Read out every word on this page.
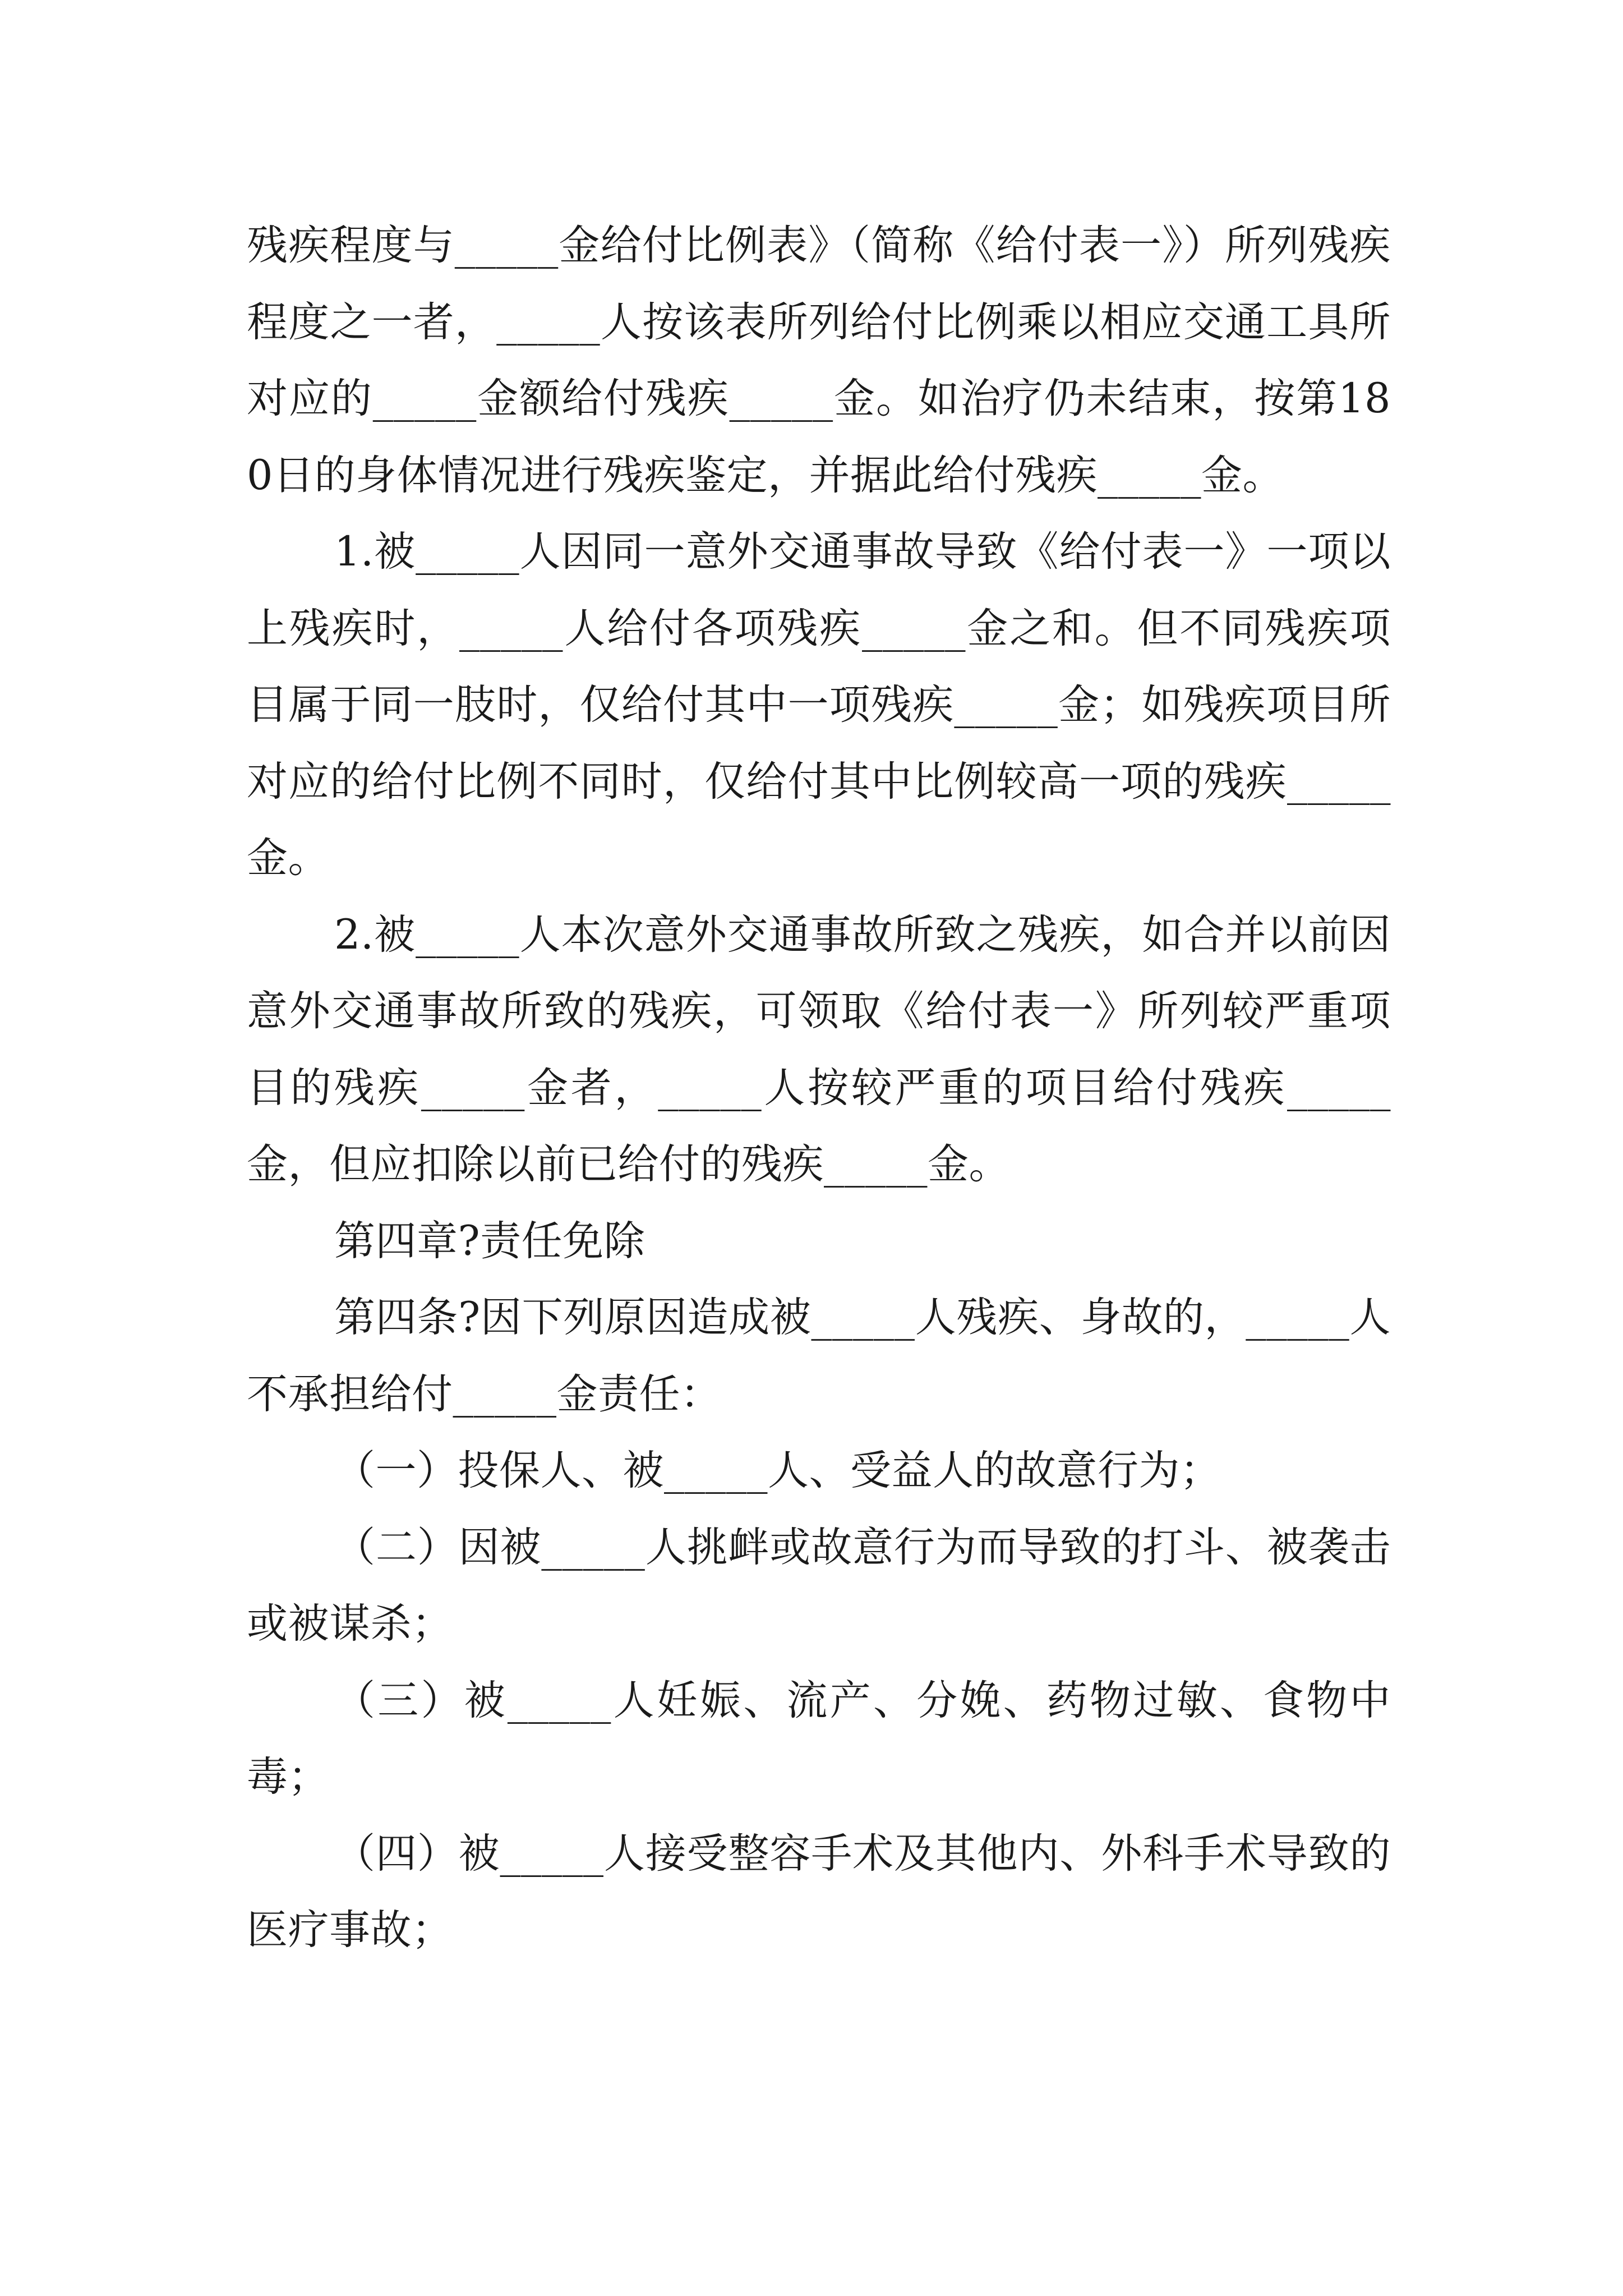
残疾程度与_____金给付比例表》（简称《给付表一》）所列残疾程度之一者，_____人按该表所列给付比例乘以相应交通工具所对应的_____金额给付残疾_____金。如治疗仍未结束，按第180日的身体情况进行残疾鉴定，并据此给付残疾_____金。

1.被_____人因同一意外交通事故导致《给付表一》一项以上残疾时，_____人给付各项残疾_____金之和。但不同残疾项目属于同一肢时，仅给付其中一项残疾_____金；如残疾项目所对应的给付比例不同时，仅给付其中比例较高一项的残疾_____金。

2.被_____人本次意外交通事故所致之残疾，如合并以前因意外交通事故所致的残疾，可领取《给付表一》所列较严重项目的残疾_____金者，_____人按较严重的项目给付残疾_____金，但应扣除以前已给付的残疾_____金。

第四章?责任免除

第四条?因下列原因造成被_____人残疾、身故的，_____人不承担给付_____金责任：

（一）投保人、被_____人、受益人的故意行为；

（二）因被_____人挑衅或故意行为而导致的打斗、被袭击或被谋杀；

（三）被_____人妊娠、流产、分娩、药物过敏、食物中毒；

（四）被_____人接受整容手术及其他内、外科手术导致的医疗事故；
